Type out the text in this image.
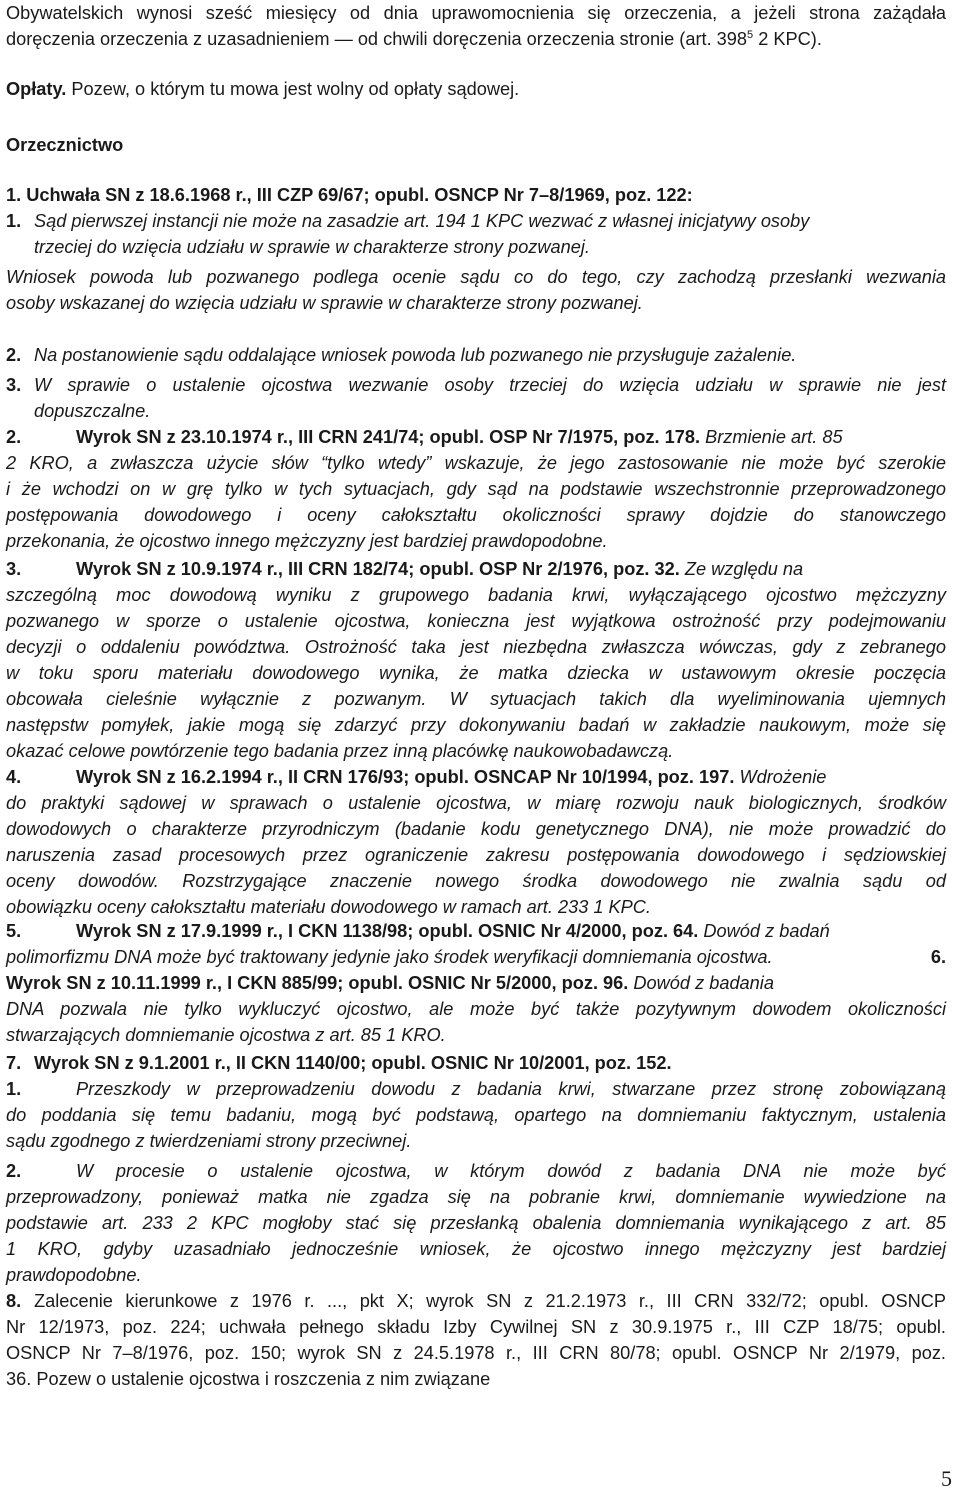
Obywatelskich wynosi sześć miesięcy od dnia uprawomocnienia się orzeczenia, a jeżeli strona zażądała
doręczenia orzeczenia z uzasadnieniem — od chwili doręczenia orzeczenia stronie (art. $398^5$ 2 KPC).
Opłaty. Pozew, o którym tu mowa jest wolny od opłaty sądowej.
Orzecznictwo
1. Uchwała SN z 18.6.1968 r., III CZP 69/67; opubl. OSNCP Nr 7–8/1969, poz. 122:
1. Sąd pierwszej instancji nie może na zasadzie art. 194 1 KPC wezwać z własnej inicjatywy osoby
trzeciej do wzięcia udziału w sprawie w charakterze strony pozwanej.
Wniosek powoda lub pozwanego podlega ocenie sądu co do tego, czy zachodzą przesłanki wezwania
osoby wskazanej do wzięcia udziału w sprawie w charakterze strony pozwanej.
2. Na postanowienie sądu oddalające wniosek powoda lub pozwanego nie przysługuje zażalenie.
3. W sprawie o ustalenie ojcostwa wezwanie osoby trzeciej do wzięcia udziału w sprawie nie jest
dopuszczalne.
2.	Wyrok SN z 23.10.1974 r., III CRN 241/74; opubl. OSP Nr 7/1975, poz. 178. Brzmienie art. 85
2 KRO, a zwłaszcza użycie słów “tylko wtedy” wskazuje, że jego zastosowanie nie może być szerokie
i że wchodzi on w grę tylko w tych sytuacjach, gdy sąd na podstawie wszechstronnie przeprowadzonego
postępowania dowodowego i oceny całokształtu okoliczności sprawy dojdzie do stanowczego
przekonania, że ojcostwo innego mężczyzny jest bardziej prawdopodobne.
3.	Wyrok SN z 10.9.1974 r., III CRN 182/74; opubl. OSP Nr 2/1976, poz. 32. Ze względu na
szczególną moc dowodową wyniku z grupowego badania krwi, wyłączającego ojcostwo mężczyzny
pozwanego w sporze o ustalenie ojcostwa, konieczna jest wyjątkowa ostrożność przy podejmowaniu
decyzji o oddaleniu powództwa. Ostrożność taka jest niezbędna zwłaszcza wówczas, gdy z zebranego
w toku sporu materiału dowodowego wynika, że matka dziecka w ustawowym okresie poczęcia
obcowała cieleśnie wyłącznie z pozwanym. W sytuacjach takich dla wyeliminowania ujemnych
następstw pomyłek, jakie mogą się zdarzyć przy dokonywaniu badań w zakładzie naukowym, może się
okazać celowe powtórzenie tego badania przez inną placówkę naukowobadawczą.
4.	Wyrok SN z 16.2.1994 r., II CRN 176/93; opubl. OSNCAP Nr 10/1994, poz. 197. Wdrożenie
do praktyki sądowej w sprawach o ustalenie ojcostwa, w miarę rozwoju nauk biologicznych, środków
dowodowych o charakterze przyrodniczym (badanie kodu genetycznego DNA), nie może prowadzić do
naruszenia zasad procesowych przez ograniczenie zakresu postępowania dowodowego i sędziowskiej
oceny dowodów. Rozstrzygające znaczenie nowego środka dowodowego nie zwalnia sądu od
obowiązku oceny całokształtu materiału dowodowego w ramach art. 233 1 KPC.
5.	Wyrok SN z 17.9.1999 r., I CKN 1138/98; opubl. OSNIC Nr 4/2000, poz. 64. Dowód z badań
polimorfizmu DNA może być traktowany jedynie jako środek weryfikacji domniemania ojcostwa.	6.
Wyrok SN z 10.11.1999 r., I CKN 885/99; opubl. OSNIC Nr 5/2000, poz. 96. Dowód z badania
DNA pozwala nie tylko wykluczyć ojcostwo, ale może być także pozytywnym dowodem okoliczności
stwarzających domniemanie ojcostwa z art. 85 1 KRO.
7. Wyrok SN z 9.1.2001 r., II CKN 1140/00; opubl. OSNIC Nr 10/2001, poz. 152.
1.	Przeszkody w przeprowadzeniu dowodu z badania krwi, stwarzane przez stronę zobowiązaną
do poddania się temu badaniu, mogą być podstawą, opartego na domniemaniu faktycznym, ustalenia
sądu zgodnego z twierdzeniami strony przeciwnej.
2.	W procesie o ustalenie ojcostwa, w którym dowód z badania DNA nie może być
przeprowadzony, ponieważ matka nie zgadza się na pobranie krwi, domniemanie wywiedzione na
podstawie art. 233 2 KPC mogłoby stać się przesłanką obalenia domniemania wynikającego z art. 85
1 KRO, gdyby uzasadniało jednocześnie wniosek, że ojcostwo innego mężczyzny jest bardziej
prawdopodobne.
8. Zalecenie kierunkowe z 1976 r. ..., pkt X; wyrok SN z 21.2.1973 r., III CRN 332/72; opubl. OSNCP
Nr 12/1973, poz. 224; uchwała pełnego składu Izby Cywilnej SN z 30.9.1975 r., III CZP 18/75; opubl.
OSNCP Nr 7–8/1976, poz. 150; wyrok SN z 24.5.1978 r., III CRN 80/78; opubl. OSNCP Nr 2/1979, poz.
36. Pozew o ustalenie ojcostwa i roszczenia z nim związane
5
